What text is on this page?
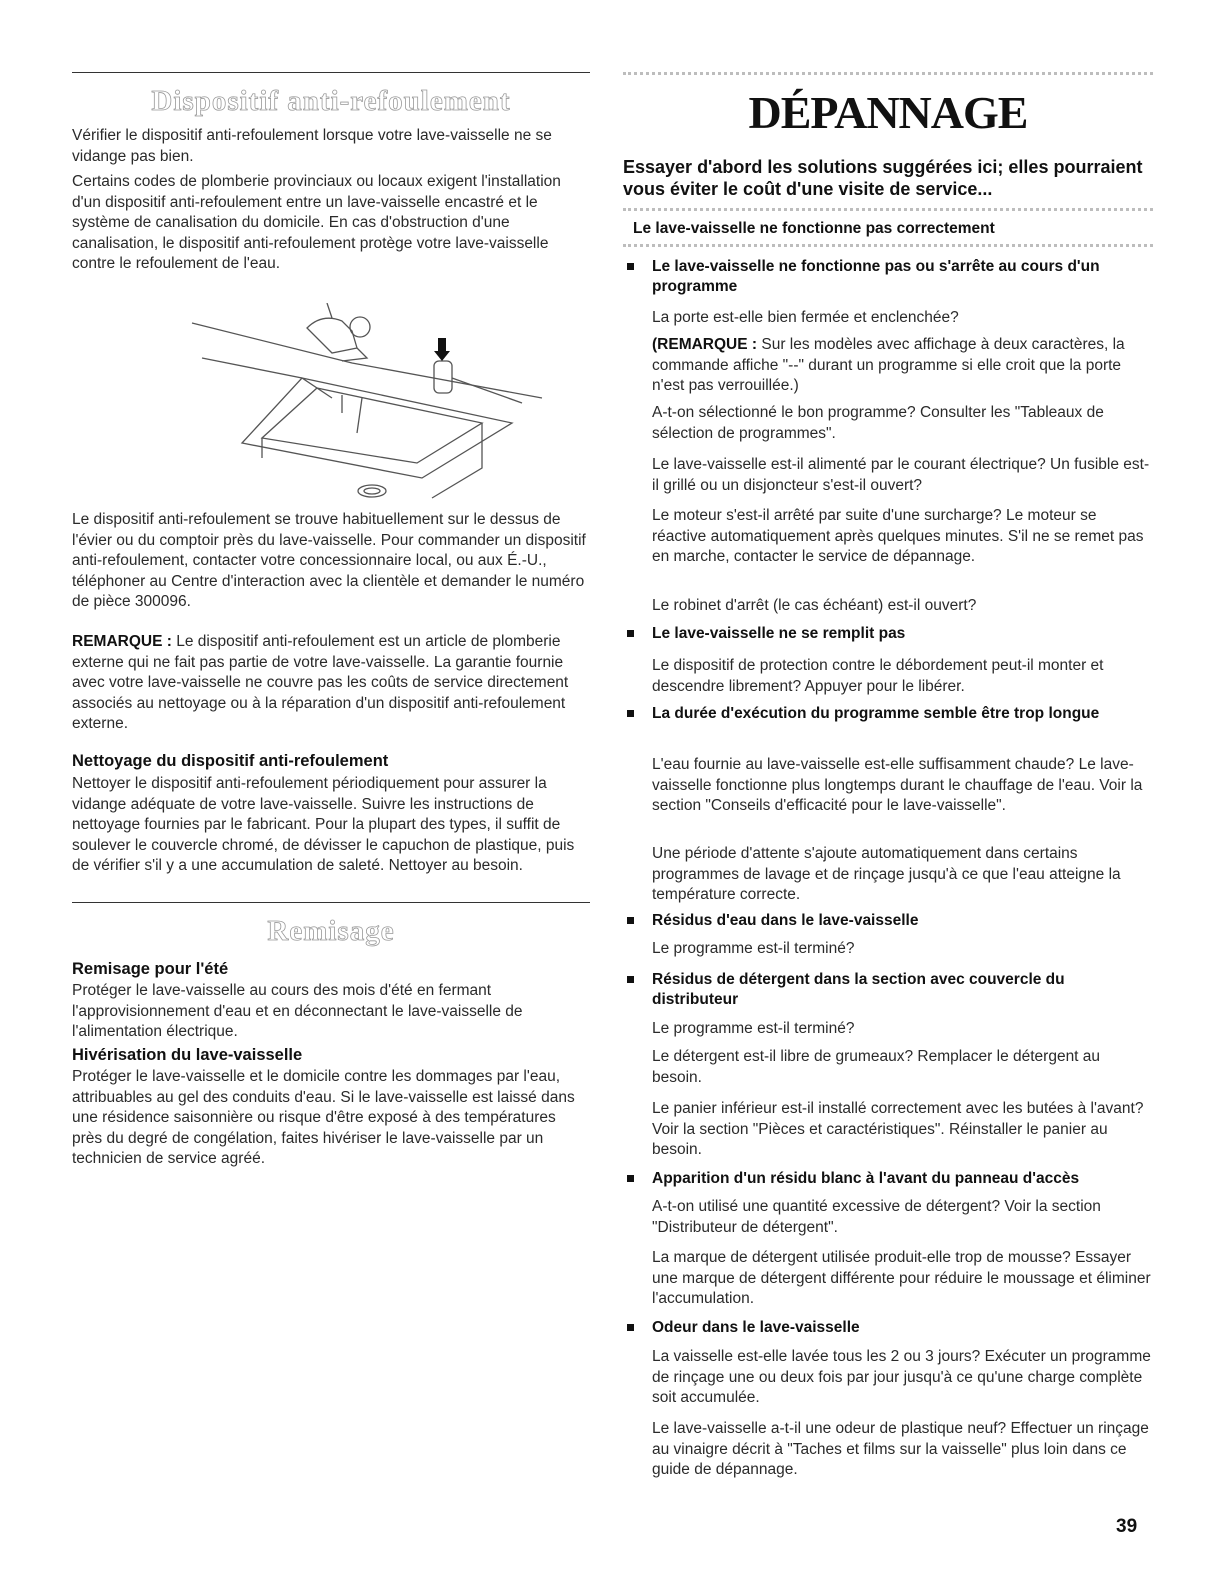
Dispositif anti-refoulement

Vérifier le dispositif anti-refoulement lorsque votre lave-vaisselle ne se vidange pas bien.

Certains codes de plomberie provinciaux ou locaux exigent l'installation d'un dispositif anti-refoulement entre un lave-vaisselle encastré et le système de canalisation du domicile. En cas d'obstruction d'une canalisation, le dispositif anti-refoulement protège votre lave-vaisselle contre le refoulement de l'eau.

Le dispositif anti-refoulement se trouve habituellement sur le dessus de l'évier ou du comptoir près du lave-vaisselle. Pour commander un dispositif anti-refoulement, contacter votre concessionnaire local, ou aux É.-U., téléphoner au Centre d'interaction avec la clientèle et demander le numéro de pièce 300096.

REMARQUE : Le dispositif anti-refoulement est un article de plomberie externe qui ne fait pas partie de votre lave-vaisselle. La garantie fournie avec votre lave-vaisselle ne couvre pas les coûts de service directement associés au nettoyage ou à la réparation d'un dispositif anti-refoulement externe.

Nettoyage du dispositif anti-refoulement

Nettoyer le dispositif anti-refoulement périodiquement pour assurer la vidange adéquate de votre lave-vaisselle. Suivre les instructions de nettoyage fournies par le fabricant. Pour la plupart des types, il suffit de soulever le couvercle chromé, de dévisser le capuchon de plastique, puis de vérifier s'il y a une accumulation de saleté. Nettoyer au besoin.

Remisage
Remisage pour l'été

Protéger le lave-vaisselle au cours des mois d'été en fermant l'approvisionnement d'eau et en déconnectant le lave-vaisselle de l'alimentation électrique.

Hivérisation du lave-vaisselle

Protéger le lave-vaisselle et le domicile contre les dommages par l'eau, attribuables au gel des conduits d'eau. Si le lave-vaisselle est laissé dans une résidence saisonnière ou risque d'être exposé à des températures près du degré de congélation, faites hivériser le lave-vaisselle par un technicien de service agréé.

DÉPANNAGE

Essayer d'abord les solutions suggérées ici; elles pourraient vous éviter le coût d'une visite de service...

Le lave-vaisselle ne fonctionne pas correctement
Le lave-vaisselle ne fonctionne pas ou s'arrête au cours d'un programme

La porte est-elle bien fermée et enclenchée?

(REMARQUE : Sur les modèles avec affichage à deux caractères, la commande affiche "--" durant un programme si elle croit que la porte n'est pas verrouillée.)

A-t-on sélectionné le bon programme? Consulter les "Tableaux de sélection de programmes".

Le lave-vaisselle est-il alimenté par le courant électrique? Un fusible est-il grillé ou un disjoncteur s'est-il ouvert?

Le moteur s'est-il arrêté par suite d'une surcharge? Le moteur se réactive automatiquement après quelques minutes. S'il ne se remet pas en marche, contacter le service de dépannage.

Le robinet d'arrêt (le cas échéant) est-il ouvert?

Le lave-vaisselle ne se remplit pas

Le dispositif de protection contre le débordement peut-il monter et descendre librement? Appuyer pour le libérer.

La durée d'exécution du programme semble être trop longue

L'eau fournie au lave-vaisselle est-elle suffisamment chaude? Le lave-vaisselle fonctionne plus longtemps durant le chauffage de l'eau. Voir la section "Conseils d'efficacité pour le lave-vaisselle".

Une période d'attente s'ajoute automatiquement dans certains programmes de lavage et de rinçage jusqu'à ce que l'eau atteigne la température correcte.

Résidus d'eau dans le lave-vaisselle

Le programme est-il terminé?

Résidus de détergent dans la section avec couvercle du distributeur

Le programme est-il terminé?

Le détergent est-il libre de grumeaux? Remplacer le détergent au besoin.

Le panier inférieur est-il installé correctement avec les butées à l'avant? Voir la section "Pièces et caractéristiques". Réinstaller le panier au besoin.

Apparition d'un résidu blanc à l'avant du panneau d'accès

A-t-on utilisé une quantité excessive de détergent? Voir la section "Distributeur de détergent".

La marque de détergent utilisée produit-elle trop de mousse? Essayer une marque de détergent différente pour réduire le moussage et éliminer l'accumulation.

Odeur dans le lave-vaisselle

La vaisselle est-elle lavée tous les 2 ou 3 jours? Exécuter un programme de rinçage une ou deux fois par jour jusqu'à ce qu'une charge complète soit accumulée.

Le lave-vaisselle a-t-il une odeur de plastique neuf? Effectuer un rinçage au vinaigre décrit à "Taches et films sur la vaisselle" plus loin dans ce guide de dépannage.

39
